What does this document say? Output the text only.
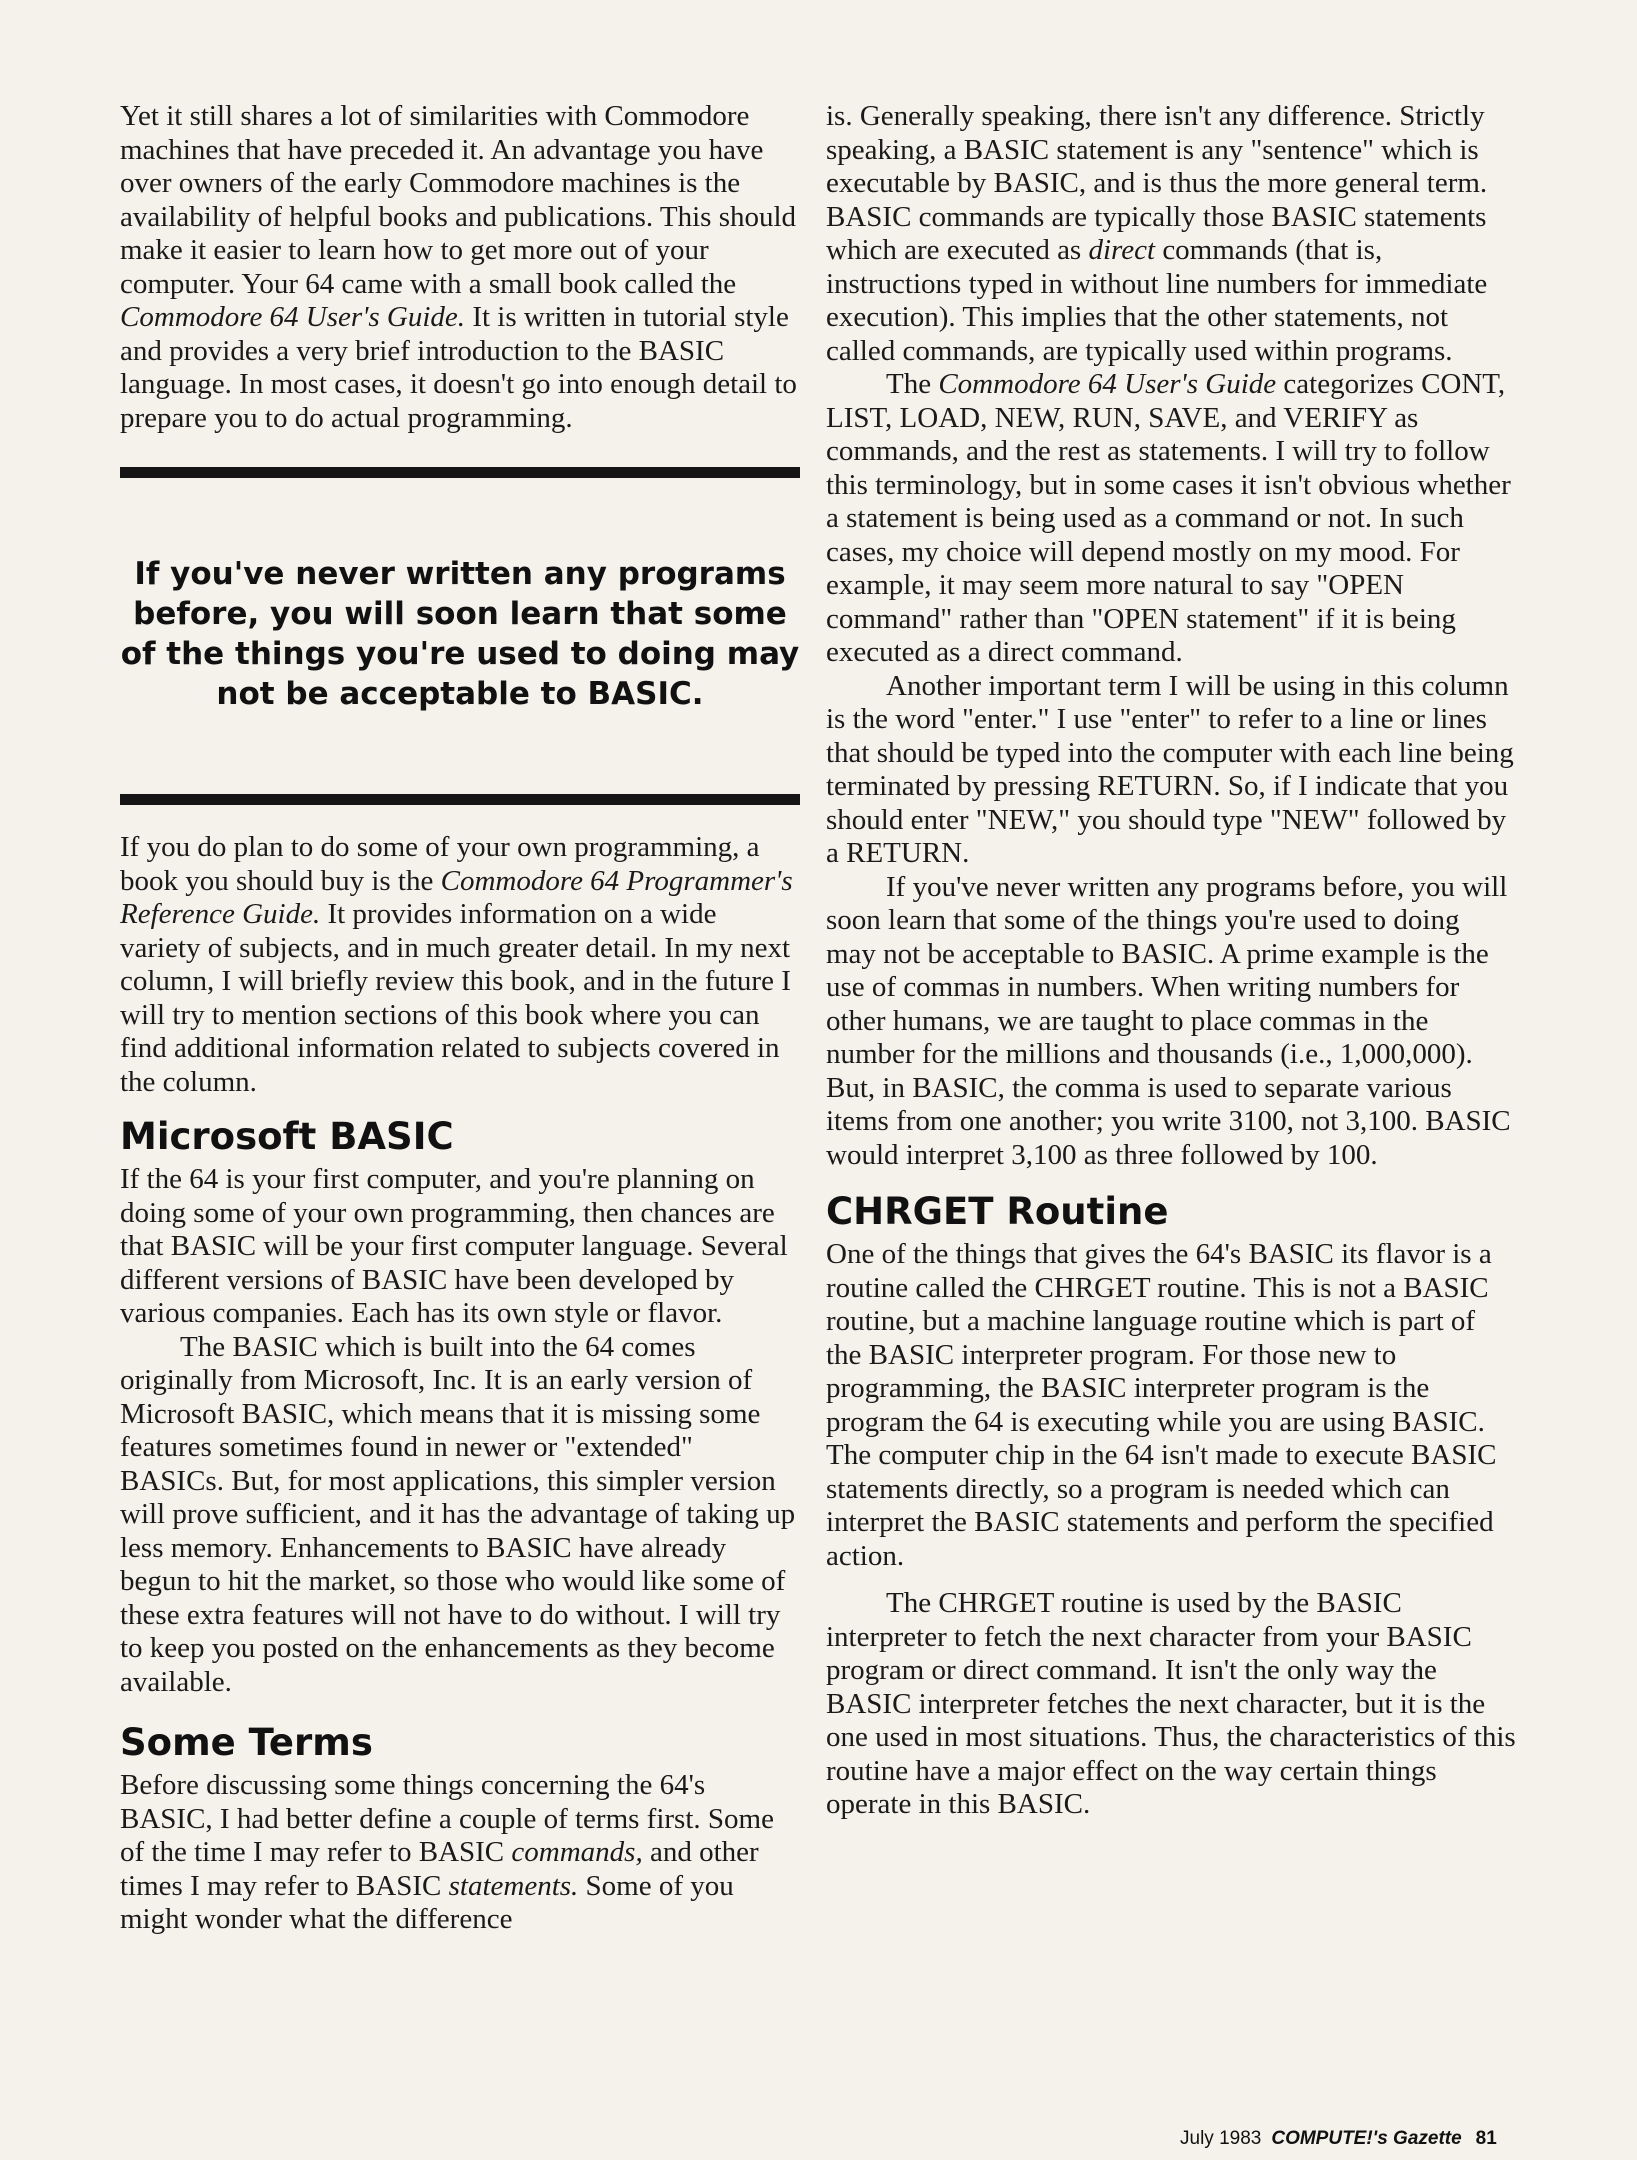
Yet it still shares a lot of similarities with Commodore machines that have preceded it. An advantage you have over owners of the early Commodore machines is the availability of helpful books and publications. This should make it easier to learn how to get more out of your computer. Your 64 came with a small book called the Commodore 64 User's Guide. It is written in tutorial style and provides a very brief introduction to the BASIC language. In most cases, it doesn't go into enough detail to prepare you to do actual programming.

If you've never written any programs before, you will soon learn that some of the things you're used to doing may not be acceptable to BASIC.

If you do plan to do some of your own programming, a book you should buy is the Commodore 64 Programmer's Reference Guide. It provides information on a wide variety of subjects, and in much greater detail. In my next column, I will briefly review this book, and in the future I will try to mention sections of this book where you can find additional information related to subjects covered in the column.

Microsoft BASIC

If the 64 is your first computer, and you're planning on doing some of your own programming, then chances are that BASIC will be your first computer language. Several different versions of BASIC have been developed by various companies. Each has its own style or flavor.

The BASIC which is built into the 64 comes originally from Microsoft, Inc. It is an early version of Microsoft BASIC, which means that it is missing some features sometimes found in newer or "extended" BASICs. But, for most applications, this simpler version will prove sufficient, and it has the advantage of taking up less memory. Enhancements to BASIC have already begun to hit the market, so those who would like some of these extra features will not have to do without. I will try to keep you posted on the enhancements as they become available.

Some Terms

Before discussing some things concerning the 64's BASIC, I had better define a couple of terms first. Some of the time I may refer to BASIC commands, and other times I may refer to BASIC statements. Some of you might wonder what the difference

is. Generally speaking, there isn't any difference. Strictly speaking, a BASIC statement is any "sentence" which is executable by BASIC, and is thus the more general term. BASIC commands are typically those BASIC statements which are executed as direct commands (that is, instructions typed in without line numbers for immediate execution). This implies that the other statements, not called commands, are typically used within programs.

The Commodore 64 User's Guide categorizes CONT, LIST, LOAD, NEW, RUN, SAVE, and VERIFY as commands, and the rest as statements. I will try to follow this terminology, but in some cases it isn't obvious whether a statement is being used as a command or not. In such cases, my choice will depend mostly on my mood. For example, it may seem more natural to say "OPEN command" rather than "OPEN statement" if it is being executed as a direct command.

Another important term I will be using in this column is the word "enter." I use "enter" to refer to a line or lines that should be typed into the computer with each line being terminated by pressing RETURN. So, if I indicate that you should enter "NEW," you should type "NEW" followed by a RETURN.

If you've never written any programs before, you will soon learn that some of the things you're used to doing may not be acceptable to BASIC. A prime example is the use of commas in numbers. When writing numbers for other humans, we are taught to place commas in the number for the millions and thousands (i.e., 1,000,000). But, in BASIC, the comma is used to separate various items from one another; you write 3100, not 3,100. BASIC would interpret 3,100 as three followed by 100.

CHRGET Routine

One of the things that gives the 64's BASIC its flavor is a routine called the CHRGET routine. This is not a BASIC routine, but a machine language routine which is part of the BASIC interpreter program. For those new to programming, the BASIC interpreter program is the program the 64 is executing while you are using BASIC. The computer chip in the 64 isn't made to execute BASIC statements directly, so a program is needed which can interpret the BASIC statements and perform the specified action.

The CHRGET routine is used by the BASIC interpreter to fetch the next character from your BASIC program or direct command. It isn't the only way the BASIC interpreter fetches the next character, but it is the one used in most situations. Thus, the characteristics of this routine have a major effect on the way certain things operate in this BASIC.

July 1983 COMPUTE!'s Gazette 81
